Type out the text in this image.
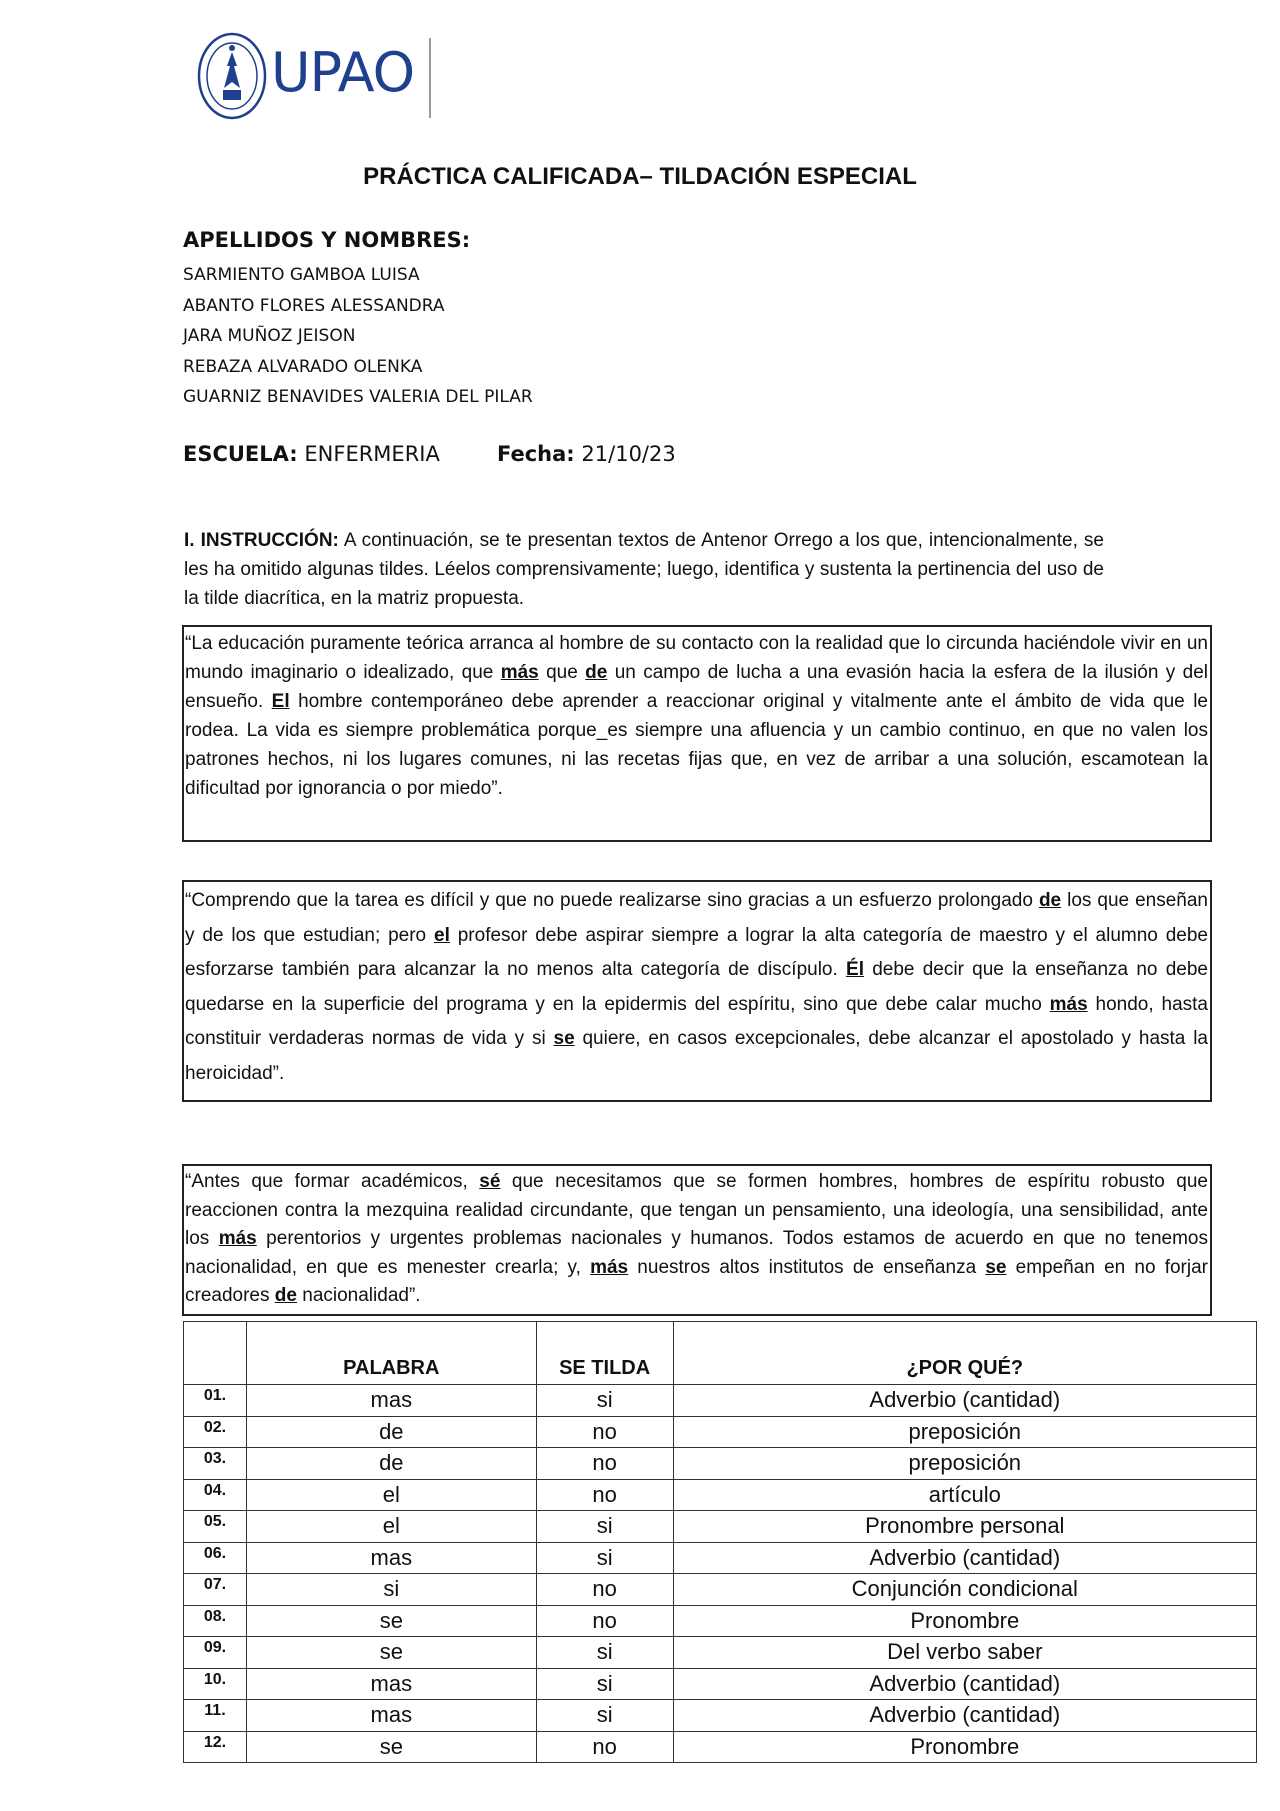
UPAO
PRÁCTICA CALIFICADA– TILDACIÓN ESPECIAL
APELLIDOS Y NOMBRES:
SARMIENTO GAMBOA LUISA
ABANTO FLORES ALESSANDRA
JARA MUÑOZ JEISON
REBAZA ALVARADO OLENKA
GUARNIZ BENAVIDES VALERIA DEL PILAR
ESCUELA: ENFERMERIA	Fecha: 21/10/23
I. INSTRUCCIÓN: A continuación, se te presentan textos de Antenor Orrego a los que, intencionalmente, se les ha omitido algunas tildes. Léelos comprensivamente; luego, identifica y sustenta la pertinencia del uso de la tilde diacrítica, en la matriz propuesta.
“La educación puramente teórica arranca al hombre de su contacto con la realidad que lo circunda haciéndole vivir en un mundo imaginario o idealizado, que más que de un campo de lucha a una evasión hacia la esfera de la ilusión y del ensueño. El hombre contemporáneo debe aprender a reaccionar original y vitalmente ante el ámbito de vida que le rodea. La vida es siempre problemática porque_es siempre una afluencia y un cambio continuo, en que no valen los patrones hechos, ni los lugares comunes, ni las recetas fijas que, en vez de arribar a una solución, escamotean la dificultad por ignorancia o por miedo”.
“Comprendo que la tarea es difícil y que no puede realizarse sino gracias a un esfuerzo prolongado de los que enseñan y de los que estudian; pero el profesor debe aspirar siempre a lograr la alta categoría de maestro y el alumno debe esforzarse también para alcanzar la no menos alta categoría de discípulo. Él debe decir que la enseñanza no debe quedarse en la superficie del programa y en la epidermis del espíritu, sino que debe calar mucho más hondo, hasta constituir verdaderas normas de vida y si se quiere, en casos excepcionales, debe alcanzar el apostolado y hasta la heroicidad”.
“Antes que formar académicos, sé que necesitamos que se formen hombres, hombres de espíritu robusto que reaccionen contra la mezquina realidad circundante, que tengan un pensamiento, una ideología, una sensibilidad, ante los más perentorios y urgentes problemas nacionales y humanos. Todos estamos de acuerdo en que no tenemos nacionalidad, en que es menester crearla; y, más nuestros altos institutos de enseñanza se empeñan en no forjar creadores de nacionalidad”.
	PALABRA	SE TILDA	¿POR QUÉ?
01.	mas	si	Adverbio (cantidad)
02.	de	no	preposición
03.	de	no	preposición
04.	el	no	artículo
05.	el	si	Pronombre personal
06.	mas	si	Adverbio (cantidad)
07.	si	no	Conjunción condicional
08.	se	no	Pronombre
09.	se	si	Del verbo saber
10.	mas	si	Adverbio (cantidad)
11.	mas	si	Adverbio (cantidad)
12.	se	no	Pronombre
